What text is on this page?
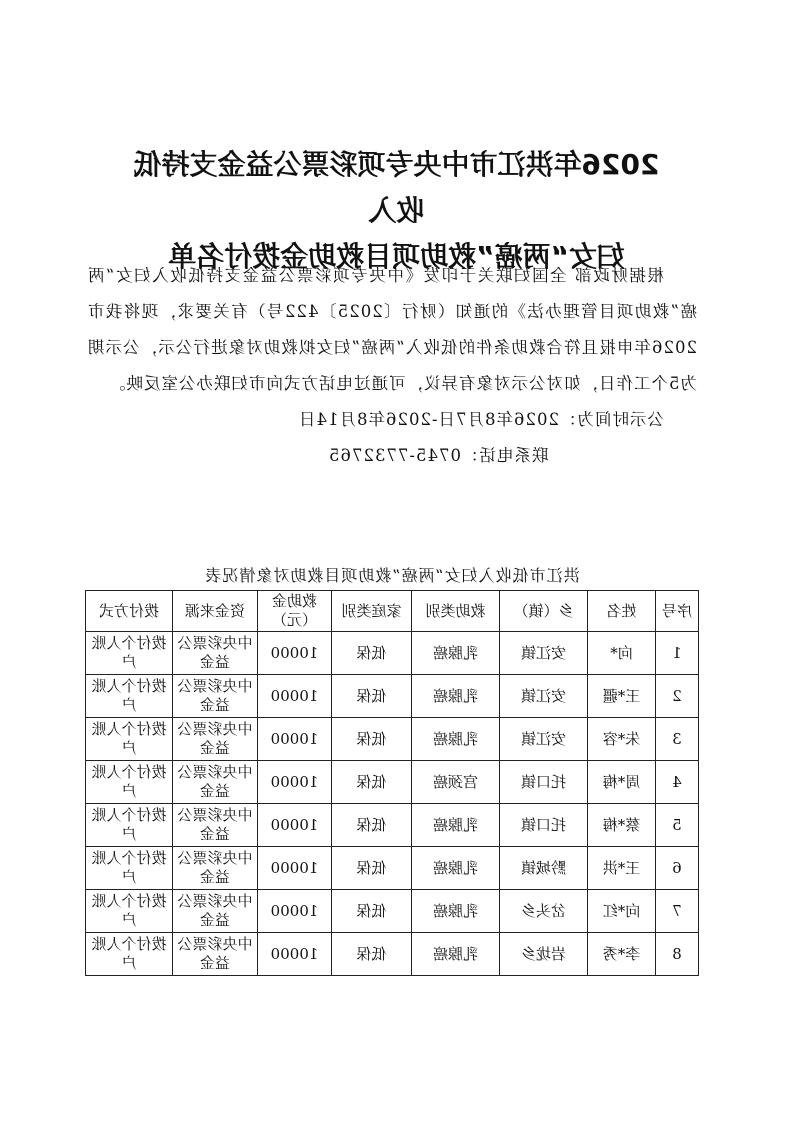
2026年洪江市中央专项彩票公益金支持低收入
妇女“两癌”救助项目救助金拨付名单

根据财政部 全国妇联关于印发《中央专项彩票公益金支持低收入妇女“两癌”救助项目管理办法》的通知（财行〔2025〕422号）有关要求，现将我市2026年申报且符合救助条件的低收入“两癌”妇女拟救助对象进行公示，公示期为5个工作日，如对公示对象有异议，可通过电话方式向市妇联办公室反映。

公示时间为：2026年8月7日-2026年8月14日

联系电话：0745-7732765

洪江市低收入妇女“两癌”救助项目救助对象情况表
序号	姓名	乡（镇）	救助类别	家庭类别	救助金（元）	资金来源	拨付方式
1	向*	安江镇	乳腺癌	低保	10000	中央彩票公益金	拨付个人账户
2	王*疆	安江镇	乳腺癌	低保	10000	中央彩票公益金	拨付个人账户
3	朱*容	安江镇	乳腺癌	低保	10000	中央彩票公益金	拨付个人账户
4	周*梅	托口镇	宫颈癌	低保	10000	中央彩票公益金	拨付个人账户
5	蔡*梅	托口镇	乳腺癌	低保	10000	中央彩票公益金	拨付个人账户
6	王*洪	黔城镇	乳腺癌	低保	10000	中央彩票公益金	拨付个人账户
7	向*红	岔头乡	乳腺癌	低保	10000	中央彩票公益金	拨付个人账户
8	李*秀	岩垅乡	乳腺癌	低保	10000	中央彩票公益金	拨付个人账户
